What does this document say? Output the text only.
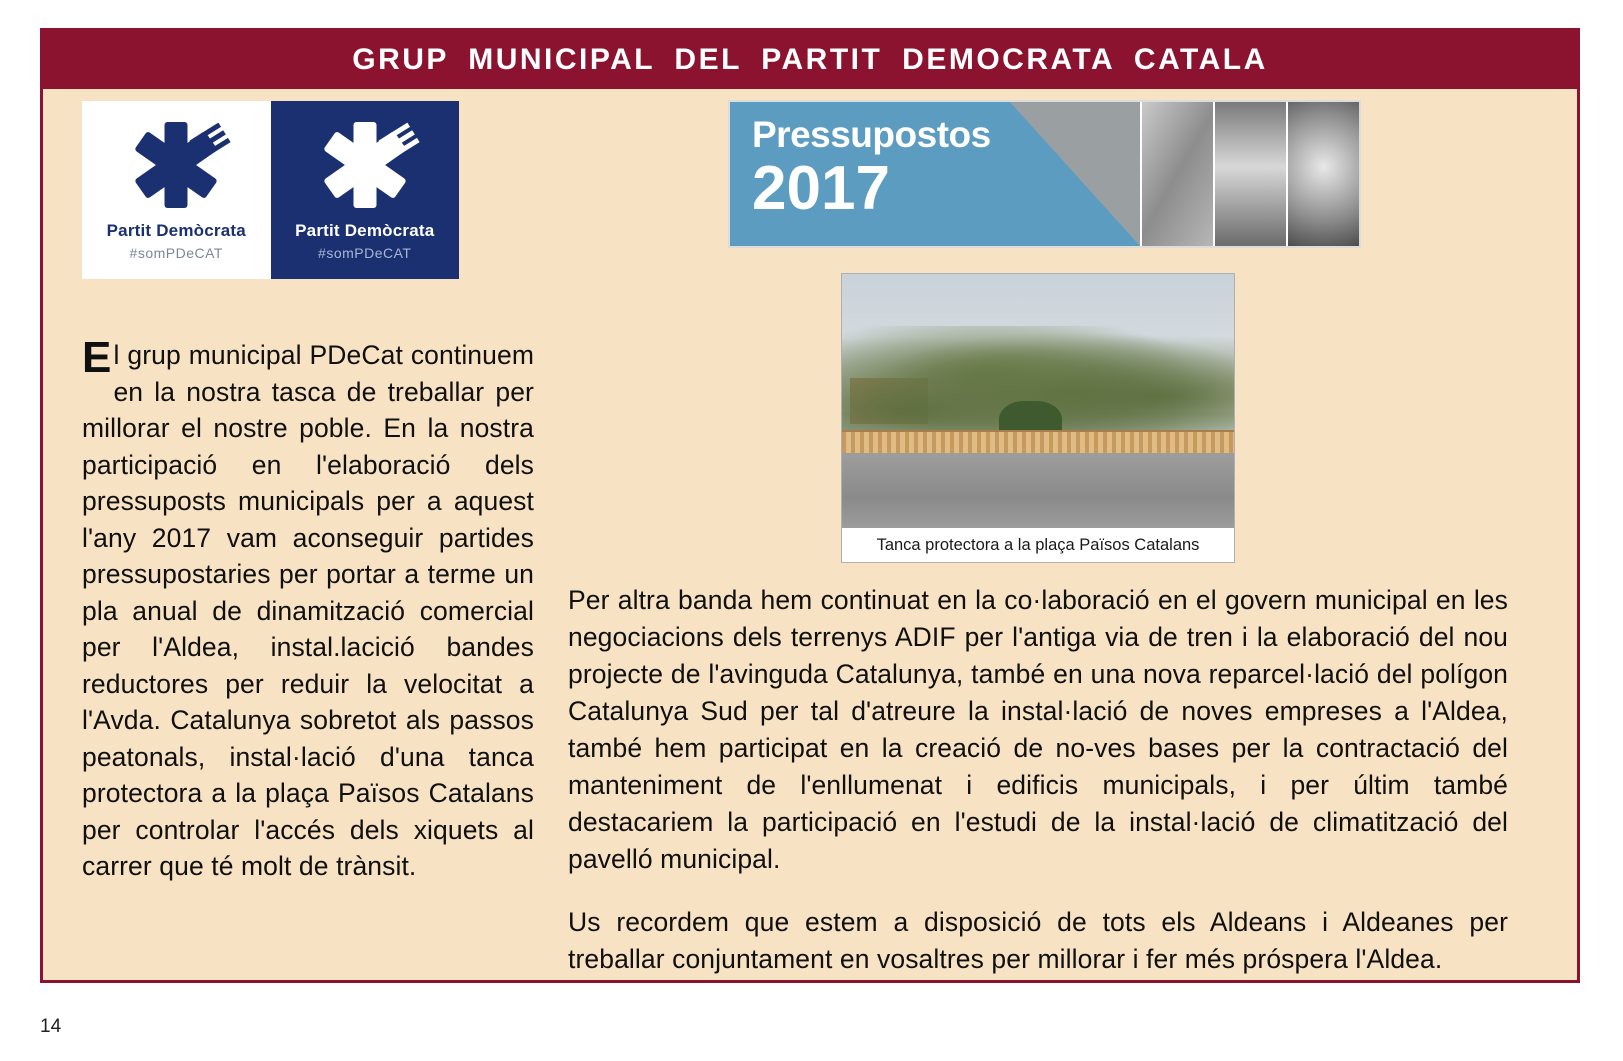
GRUP MUNICIPAL DEL PARTIT DEMOCRATA CATALA
Partit Demòcrata
#somPDeCAT
Partit Demòcrata
#somPDeCAT
Pressupostos
2017
Tanca protectora a la plaça Països Catalans

El grup municipal PDeCat continuem en la nostra tasca de treballar per millorar el nostre poble. En la nostra participació en l'elaboració dels pressuposts municipals per a aquest l'any 2017 vam aconseguir partides pressupostaries per portar a terme un pla anual de dinamització comercial per l'Aldea, instal.lacició bandes reductores per reduir la velocitat a l'Avda. Catalunya sobretot als passos peatonals, instal·lació d'una tanca protectora a la plaça Països Catalans per controlar l'accés dels xiquets al carrer que té molt de trànsit.

Per altra banda hem continuat en la co·laboració en el govern municipal en les negociacions dels terrenys ADIF per l'antiga via de tren i la elaboració del nou projecte de l'avinguda Catalunya, també en una nova reparcel·lació del polígon Catalunya Sud per tal d'atreure la instal·lació de noves empreses a l'Aldea, també hem participat en la creació de no-ves bases per la contractació del manteniment de l'enllumenat i edificis municipals, i per últim també destacariem la participació en l'estudi de la instal·lació de climatització del pavelló municipal.

Us recordem que estem a disposició de tots els Aldeans i Aldeanes per treballar conjuntament en vosaltres per millorar i fer més próspera l'Aldea.

14
